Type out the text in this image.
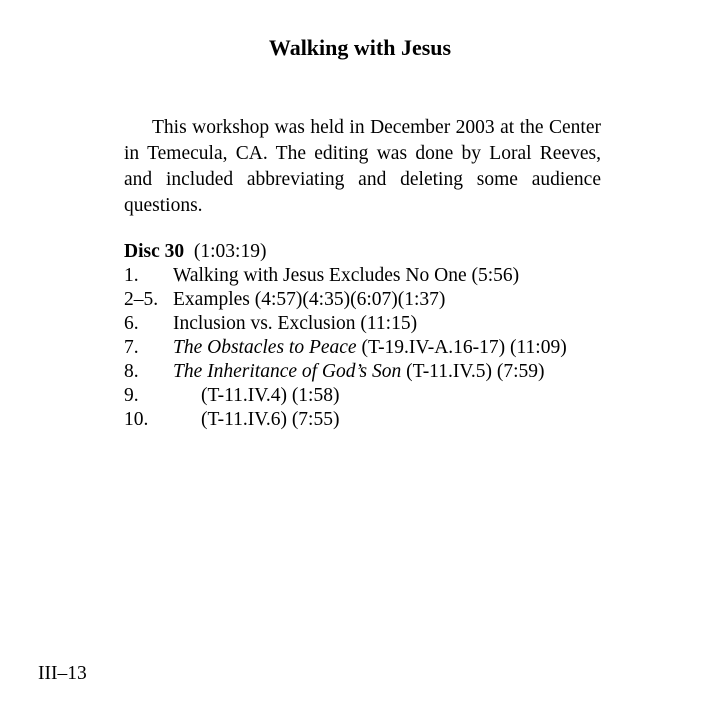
Walking with Jesus

This workshop was held in December 2003 at the Center in Temecula, CA. The editing was done by Loral Reeves, and included abbreviating and deleting some audience questions.

Disc 30 (1:03:19)
1.	Walking with Jesus Excludes No One (5:56)
2–5. Examples (4:57)(4:35)(6:07)(1:37)
6.	Inclusion vs. Exclusion (11:15)
7.	The Obstacles to Peace (T-19.IV-A.16-17) (11:09)
8.	The Inheritance of God’s Son (T-11.IV.5) (7:59)
9.	(T-11.IV.4) (1:58)
10.	(T-11.IV.6) (7:55)
III–13
